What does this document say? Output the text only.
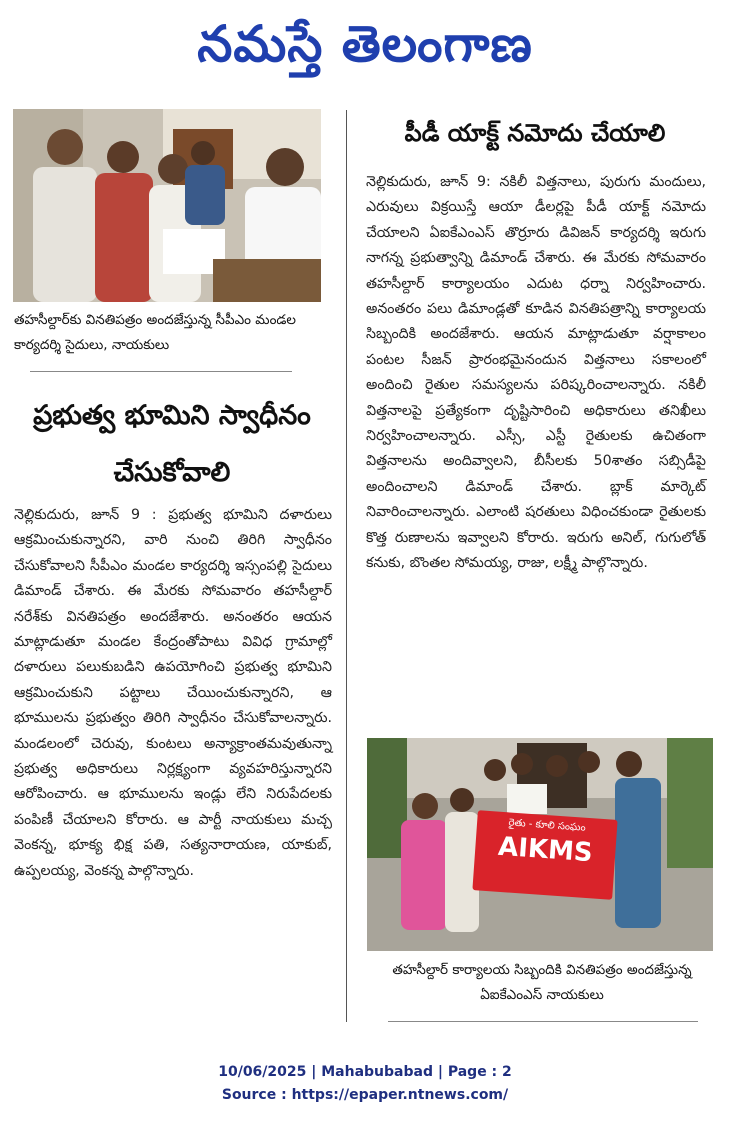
నమస్తే తెలంగాణ
తహసీల్దార్‌కు వినతిపత్రం అందజేస్తున్న సీపీఎం మండల కార్యదర్శి సైదులు, నాయకులు
ప్రభుత్వ భూమిని స్వాధీనం చేసుకోవాలి

నెల్లికుదురు, జూన్ 9 : ప్రభుత్వ భూమిని దళారులు ఆక్రమించుకున్నారని, వారి నుంచి తిరిగి స్వాధీనం చేసుకోవాలని సీపీఎం మండల కార్యదర్శి ఇస్సంపల్లి సైదులు డిమాండ్ చేశారు. ఈ మేరకు సోమవారం తహసీల్దార్ నరేశ్‌కు వినతిపత్రం అందజేశారు. అనంతరం ఆయన మాట్లాడుతూ మండల కేంద్రంతోపాటు వివిధ గ్రామాల్లో దళారులు పలుకుబడిని ఉపయోగించి ప్రభుత్వ భూమిని ఆక్రమించుకుని పట్టాలు చేయించుకున్నారని, ఆ భూములను ప్రభుత్వం తిరిగి స్వాధీనం చేసుకోవాలన్నారు. మండలంలో చెరువు, కుంటలు అన్యాక్రాంతమవుతున్నా ప్రభుత్వ అధికారులు నిర్లక్ష్యంగా వ్యవహరిస్తున్నారని ఆరోపించారు. ఆ భూములను ఇండ్లు లేని నిరుపేదలకు పంపిణీ చేయాలని కోరారు. ఆ పార్టీ నాయకులు మచ్చ వెంకన్న, భూక్య భిక్ష పతి, సత్యనారాయణ, యాకుబ్, ఉప్పలయ్య, వెంకన్న పాల్గొన్నారు.

పీడీ యాక్ట్ నమోదు చేయాలి

నెల్లికుదురు, జూన్ 9: నకిలీ విత్తనాలు, పురుగు మందులు, ఎరువులు విక్రయిస్తే ఆయా డీలర్లపై పీడీ యాక్ట్ నమోదు చేయాలని ఏఐకేఎంఎస్ తొర్రూరు డివిజన్ కార్యదర్శి ఇరుగు నాగన్న ప్రభుత్వాన్ని డిమాండ్ చేశారు. ఈ మేరకు సోమవారం తహసీల్దార్ కార్యాలయం ఎదుట ధర్నా నిర్వహించారు. అనంతరం పలు డిమాండ్లతో కూడిన వినతిపత్రాన్ని కార్యాలయ సిబ్బందికి అందజేశారు. ఆయన మాట్లాడుతూ వర్షాకాలం పంటల సీజన్ ప్రారంభమైనందున విత్తనాలు సకాలంలో అందించి రైతుల సమస్యలను పరిష్కరించాలన్నారు. నకిలీ విత్తనాలపై ప్రత్యేకంగా దృష్టిసారించి అధికారులు తనిఖీలు నిర్వహించాలన్నారు. ఎస్సీ, ఎస్టీ రైతులకు ఉచితంగా విత్తనాలను అందివ్వాలని, బీసీలకు 50శాతం సబ్సిడీపై అందించాలని డిమాండ్ చేశారు. బ్లాక్ మార్కెట్ నివారించాలన్నారు. ఎలాంటి షరతులు విధించకుండా రైతులకు కొత్త రుణాలను ఇవ్వాలని కోరారు. ఇరుగు అనిల్, గుగులోత్ కనుకు, బొంతల సోమయ్య, రాజు, లక్ష్మీ పాల్గొన్నారు.

రైతు - కూలి సంఘం
AIKMS
తహసీల్దార్ కార్యాలయ సిబ్బందికి వినతిపత్రం అందజేస్తున్న ఏఐకేఎంఎస్ నాయకులు
10/06/2025 | Mahabubabad | Page : 2
Source : https://epaper.ntnews.com/
